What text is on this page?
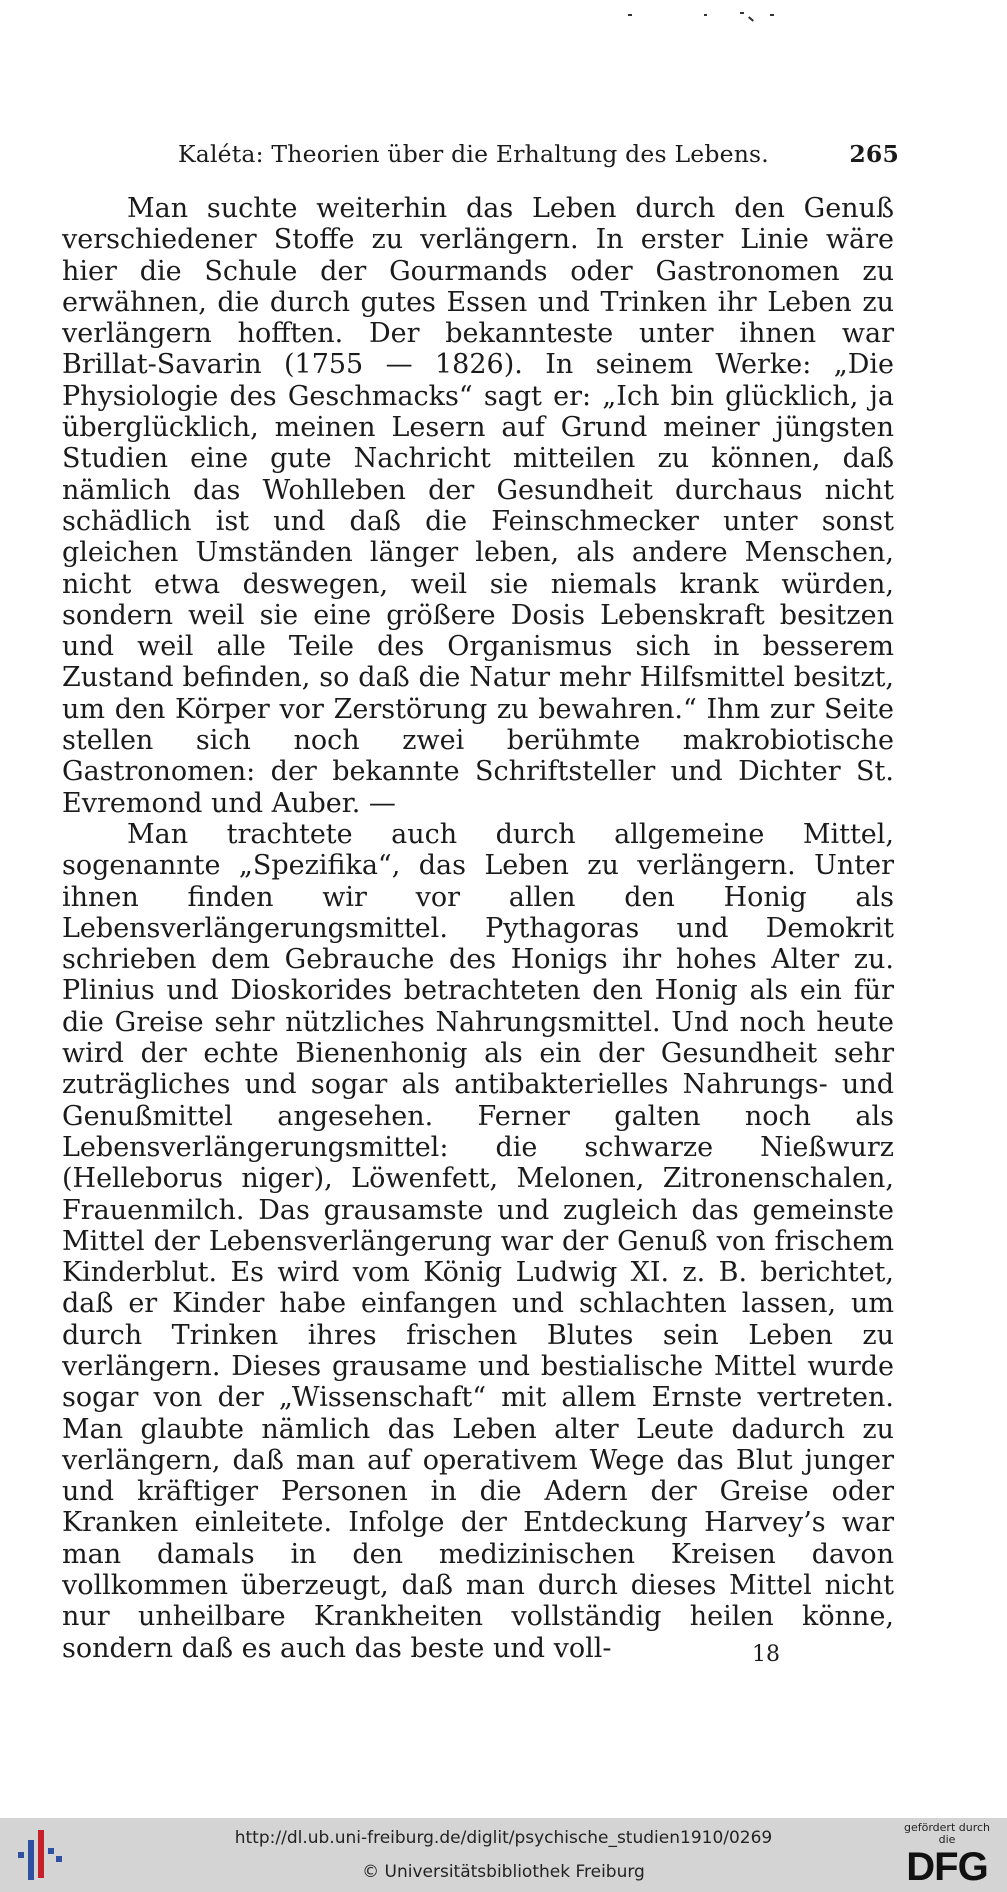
Kaléta: Theorien über die Erhaltung des Lebens.	265

Man suchte weiterhin das Leben durch den Genuß verschiedener Stoffe zu verlängern. In erster Linie wäre hier die Schule der Gourmands oder Gastronomen zu erwähnen, die durch gutes Essen und Trinken ihr Leben zu verlängern hofften. Der bekannteste unter ihnen war Brillat-Savarin (1755 — 1826). In seinem Werke: „Die Physiologie des Geschmacks“ sagt er: „Ich bin glücklich, ja überglücklich, meinen Lesern auf Grund meiner jüngsten Studien eine gute Nachricht mitteilen zu können, daß nämlich das Wohlleben der Gesundheit durchaus nicht schädlich ist und daß die Feinschmecker unter sonst gleichen Umständen länger leben, als andere Menschen, nicht etwa deswegen, weil sie niemals krank würden, sondern weil sie eine größere Dosis Lebenskraft besitzen und weil alle Teile des Organismus sich in besserem Zustand befinden, so daß die Natur mehr Hilfsmittel besitzt, um den Körper vor Zerstörung zu bewahren.“ Ihm zur Seite stellen sich noch zwei berühmte makrobiotische Gastronomen: der bekannte Schriftsteller und Dichter St. Evremond und Auber. —

Man trachtete auch durch allgemeine Mittel, sogenannte „Spezifika“, das Leben zu verlängern. Unter ihnen finden wir vor allen den Honig als Lebensverlängerungsmittel. Pythagoras und Demokrit schrieben dem Gebrauche des Honigs ihr hohes Alter zu. Plinius und Dioskorides betrachteten den Honig als ein für die Greise sehr nützliches Nahrungsmittel. Und noch heute wird der echte Bienenhonig als ein der Gesundheit sehr zuträgliches und sogar als antibakterielles Nahrungs- und Genußmittel angesehen. Ferner galten noch als Lebensverlängerungsmittel: die schwarze Nießwurz (Helleborus niger), Löwenfett, Melonen, Zitronenschalen, Frauenmilch. Das grausamste und zugleich das gemeinste Mittel der Lebensverlängerung war der Genuß von frischem Kinderblut. Es wird vom König Ludwig XI. z. B. berichtet, daß er Kinder habe einfangen und schlachten lassen, um durch Trinken ihres frischen Blutes sein Leben zu verlängern. Dieses grausame und bestialische Mittel wurde sogar von der „Wissenschaft“ mit allem Ernste vertreten. Man glaubte nämlich das Leben alter Leute dadurch zu verlängern, daß man auf operativem Wege das Blut junger und kräftiger Personen in die Adern der Greise oder Kranken einleitete. Infolge der Entdeckung Harvey’s war man damals in den medizinischen Kreisen davon vollkommen überzeugt, daß man durch dieses Mittel nicht nur unheilbare Krankheiten vollständig heilen könne, sondern daß es auch das beste und voll-	18
http://dl.ub.uni-freiburg.de/diglit/psychische_studien1910/0269
© Universitätsbibliothek Freiburg
gefördert durch die
DFG
